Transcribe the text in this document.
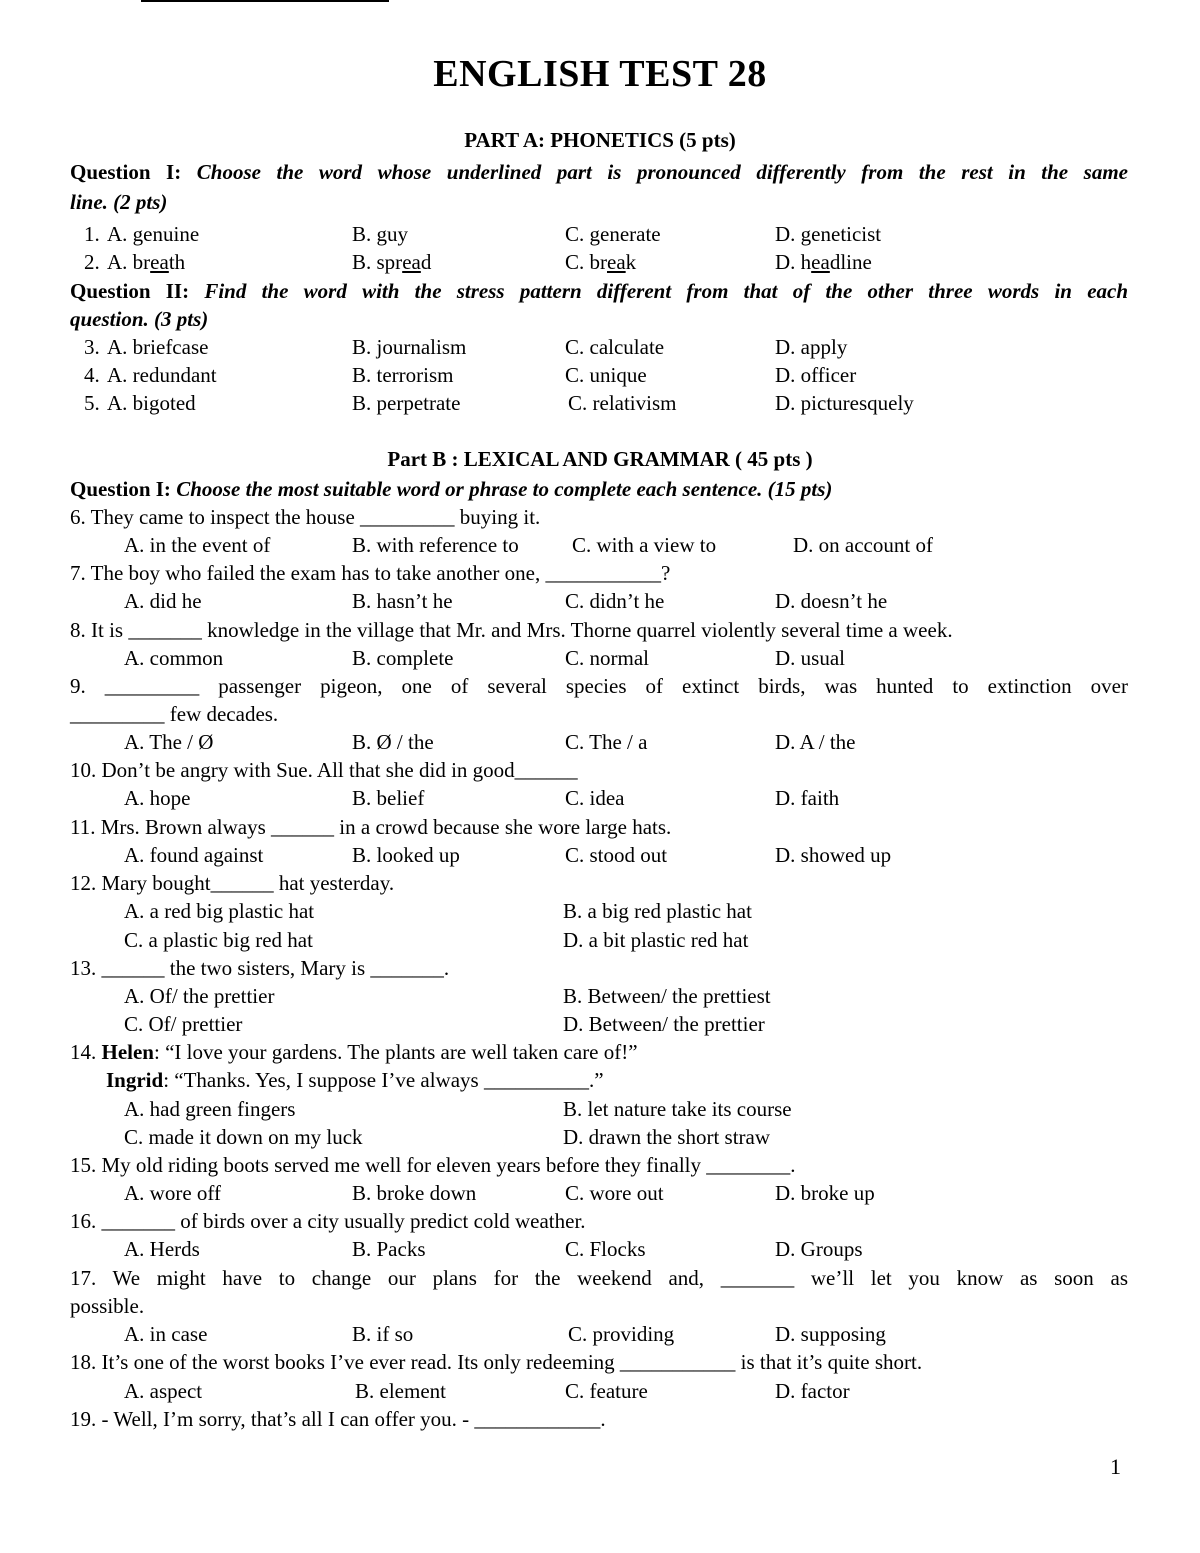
ENGLISH TEST 28
PART A: PHONETICS (5 pts)
Question I: Choose the word whose underlined part is pronounced differently from the rest in the same
line. (2 pts)
1. A. genuine	B. guy	C. generate	D. geneticist
2. A. breath	B. spread	C. break	D. headline
Question II: Find the word with the stress pattern different from that of the other three words in each
question. (3 pts)
3. A. briefcase	B. journalism	C. calculate	D. apply
4. A. redundant	B. terrorism	C. unique	D. officer
5. A. bigoted	B. perpetrate	C. relativism	D. picturesquely
Part B : LEXICAL AND GRAMMAR ( 45 pts )
Question I: Choose the most suitable word or phrase to complete each sentence. (15 pts)
6. They came to inspect the house _________ buying it.
A. in the event of	B. with reference to	C. with a view to	D. on account of
7. The boy who failed the exam has to take another one, ___________?
A. did he	B. hasn’t he	C. didn’t he	D. doesn’t he
8. It is _______ knowledge in the village that Mr. and Mrs. Thorne quarrel violently several time a week.
A. common	B. complete	C. normal	D. usual
9. _________ passenger pigeon, one of several species of extinct birds, was hunted to extinction over
_________ few decades.
A. The / Ø	B. Ø / the	C. The / a	D. A / the
10. Don’t be angry with Sue. All that she did in good______
A. hope	B. belief	C. idea	D. faith
11. Mrs. Brown always ______ in a crowd because she wore large hats.
A. found against	B. looked up	C. stood out	D. showed up
12. Mary bought______ hat yesterday.
A. a red big plastic hat	B. a big red plastic hat
C. a plastic big red hat	D. a bit plastic red hat
13. ______ the two sisters, Mary is _______.
A. Of/ the prettier	B. Between/ the prettiest
C. Of/ prettier	D. Between/ the prettier
14. Helen: “I love your gardens. The plants are well taken care of!”
Ingrid: “Thanks. Yes, I suppose I’ve always __________.”
A. had green fingers	B. let nature take its course
C. made it down on my luck	D. drawn the short straw
15. My old riding boots served me well for eleven years before they finally ________.
A. wore off	B. broke down	C. wore out	D. broke up
16. _______ of birds over a city usually predict cold weather.
A. Herds	B. Packs	C. Flocks	D. Groups
17. We might have to change our plans for the weekend and, _______ we’ll let you know as soon as
possible.
A. in case	B. if so	C. providing	D. supposing
18. It’s one of the worst books I’ve ever read. Its only redeeming ___________ is that it’s quite short.
A. aspect	B. element	C. feature	D. factor
19. - Well, I’m sorry, that’s all I can offer you. - ____________.
1
